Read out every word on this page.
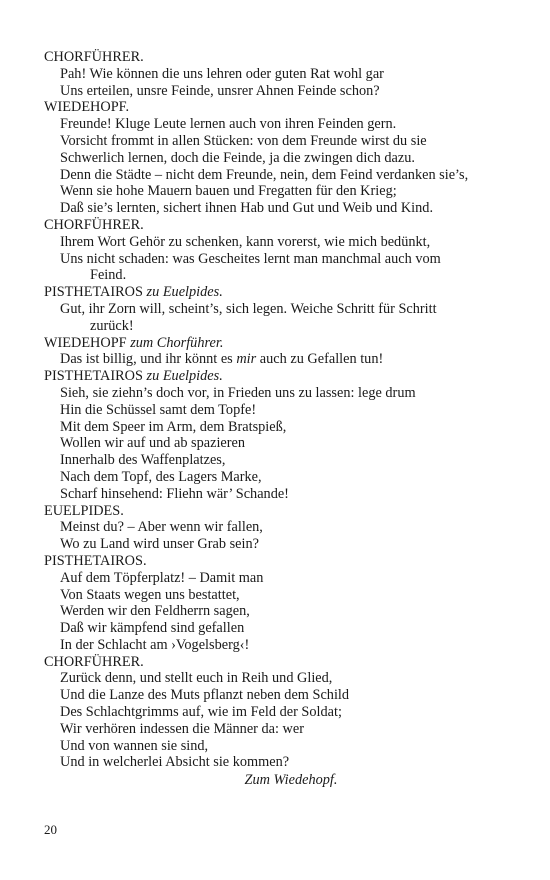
CHORFÜHRER.
Pah! Wie können die uns lehren oder guten Rat wohl gar
Uns erteilen, unsre Feinde, unsrer Ahnen Feinde schon?
WIEDEHOPF.
Freunde! Kluge Leute lernen auch von ihren Feinden gern.
Vorsicht frommt in allen Stücken: von dem Freunde wirst du sie
Schwerlich lernen, doch die Feinde, ja die zwingen dich dazu.
Denn die Städte – nicht dem Freunde, nein, dem Feind verdanken sie’s,
Wenn sie hohe Mauern bauen und Fregatten für den Krieg;
Daß sie’s lernten, sichert ihnen Hab und Gut und Weib und Kind.
CHORFÜHRER.
Ihrem Wort Gehör zu schenken, kann vorerst, wie mich bedünkt,
Uns nicht schaden: was Gescheites lernt man manchmal auch vom
Feind.
PISTHETAIROS zu Euelpides.
Gut, ihr Zorn will, scheint’s, sich legen. Weiche Schritt für Schritt
zurück!
WIEDEHOPF zum Chorführer.
Das ist billig, und ihr könnt es mir auch zu Gefallen tun!
PISTHETAIROS zu Euelpides.
Sieh, sie ziehn’s doch vor, in Frieden uns zu lassen: lege drum
Hin die Schüssel samt dem Topfe!
Mit dem Speer im Arm, dem Bratspieß,
Wollen wir auf und ab spazieren
Innerhalb des Waffenplatzes,
Nach dem Topf, des Lagers Marke,
Scharf hinsehend: Fliehn wär’ Schande!
EUELPIDES.
Meinst du? – Aber wenn wir fallen,
Wo zu Land wird unser Grab sein?
PISTHETAIROS.
Auf dem Töpferplatz! – Damit man
Von Staats wegen uns bestattet,
Werden wir den Feldherrn sagen,
Daß wir kämpfend sind gefallen
In der Schlacht am ›Vogelsberg‹!
CHORFÜHRER.
Zurück denn, und stellt euch in Reih und Glied,
Und die Lanze des Muts pflanzt neben dem Schild
Des Schlachtgrimms auf, wie im Feld der Soldat;
Wir verhören indessen die Männer da: wer
Und von wannen sie sind,
Und in welcherlei Absicht sie kommen?
Zum Wiedehopf.
20
